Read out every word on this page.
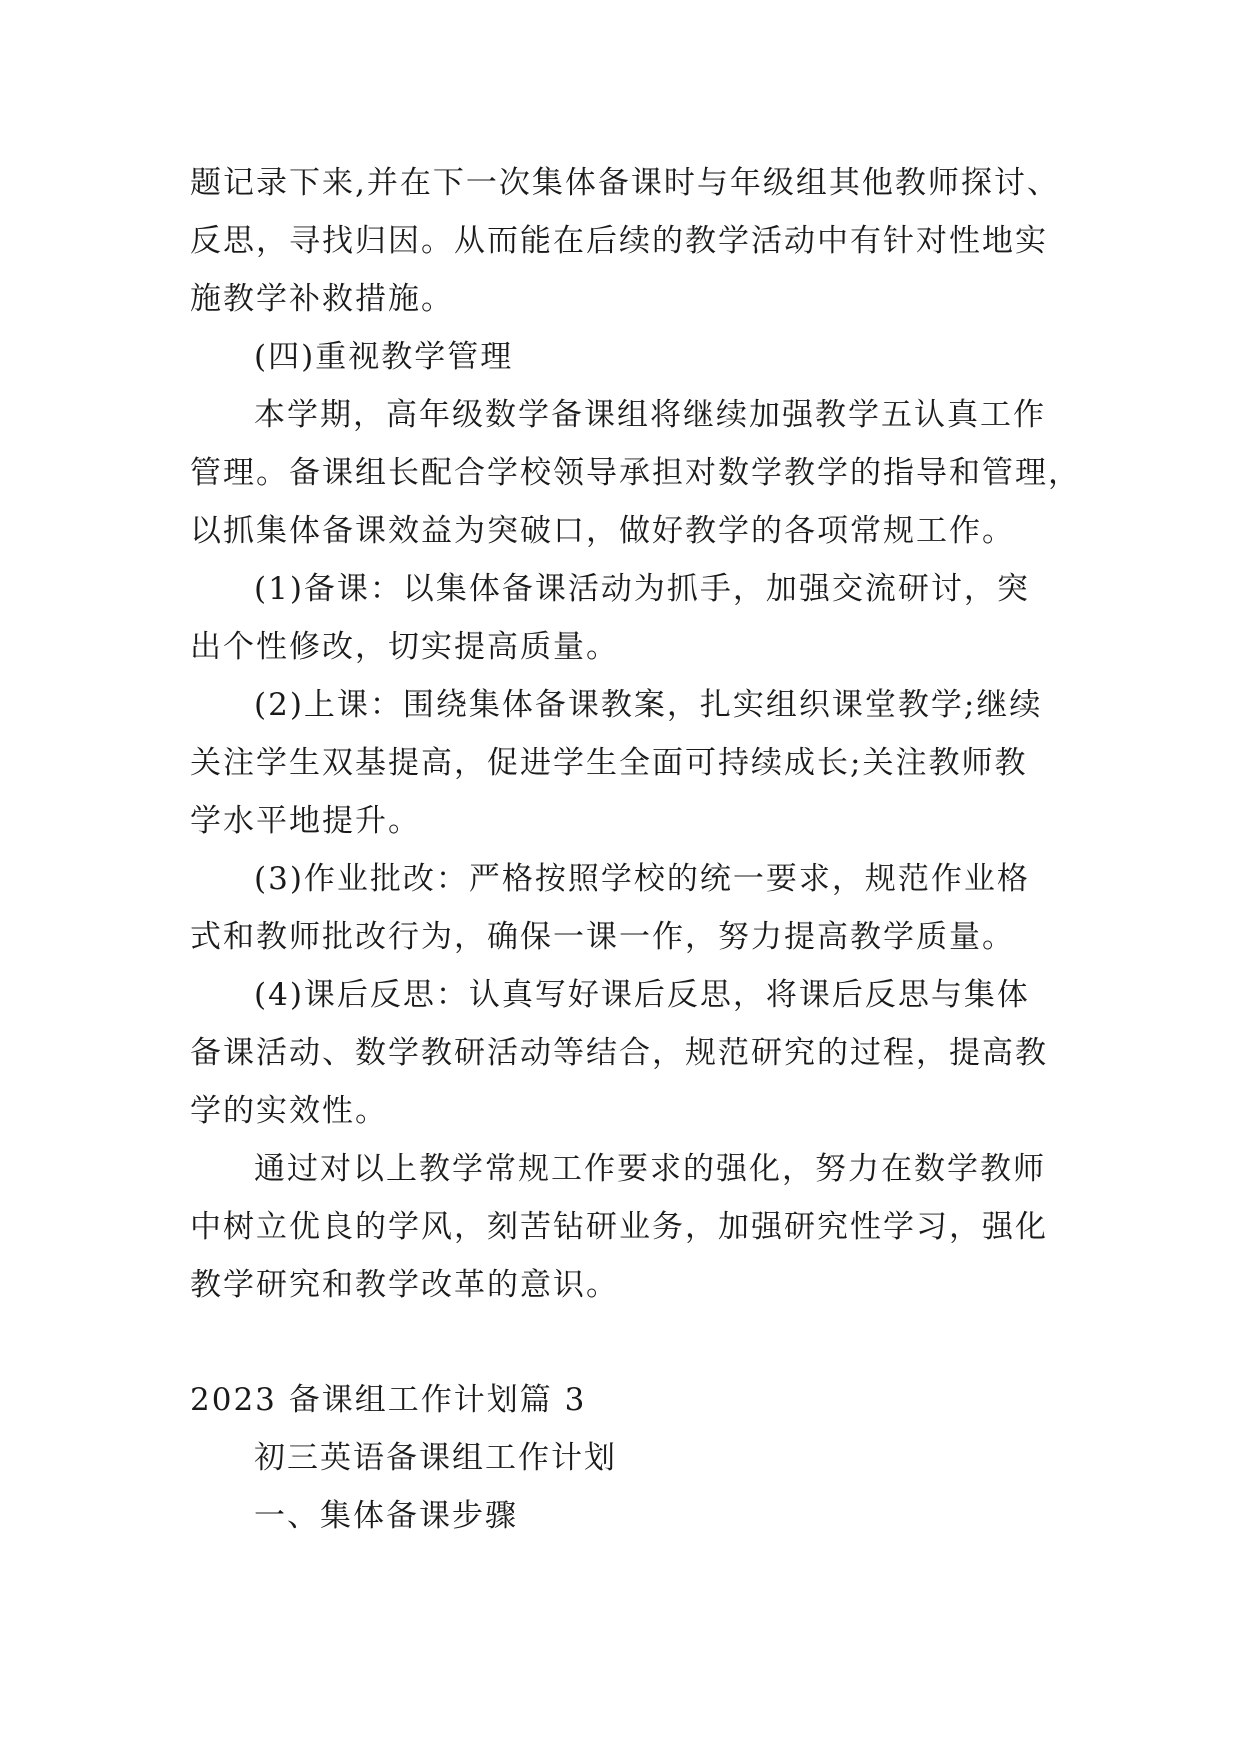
题记录下来,并在下一次集体备课时与年级组其他教师探讨、
反思，寻找归因。从而能在后续的教学活动中有针对性地实
施教学补救措施。
(四)重视教学管理
本学期，高年级数学备课组将继续加强教学五认真工作
管理。备课组长配合学校领导承担对数学教学的指导和管理，
以抓集体备课效益为突破口，做好教学的各项常规工作。
(1)备课：以集体备课活动为抓手，加强交流研讨，突
出个性修改，切实提高质量。
(2)上课：围绕集体备课教案，扎实组织课堂教学;继续
关注学生双基提高，促进学生全面可持续成长;关注教师教
学水平地提升。
(3)作业批改：严格按照学校的统一要求，规范作业格
式和教师批改行为，确保一课一作，努力提高教学质量。
(4)课后反思：认真写好课后反思，将课后反思与集体
备课活动、数学教研活动等结合，规范研究的过程，提高教
学的实效性。
通过对以上教学常规工作要求的强化，努力在数学教师
中树立优良的学风，刻苦钻研业务，加强研究性学习，强化
教学研究和教学改革的意识。
2023 备课组工作计划篇 3
初三英语备课组工作计划
一、集体备课步骤
